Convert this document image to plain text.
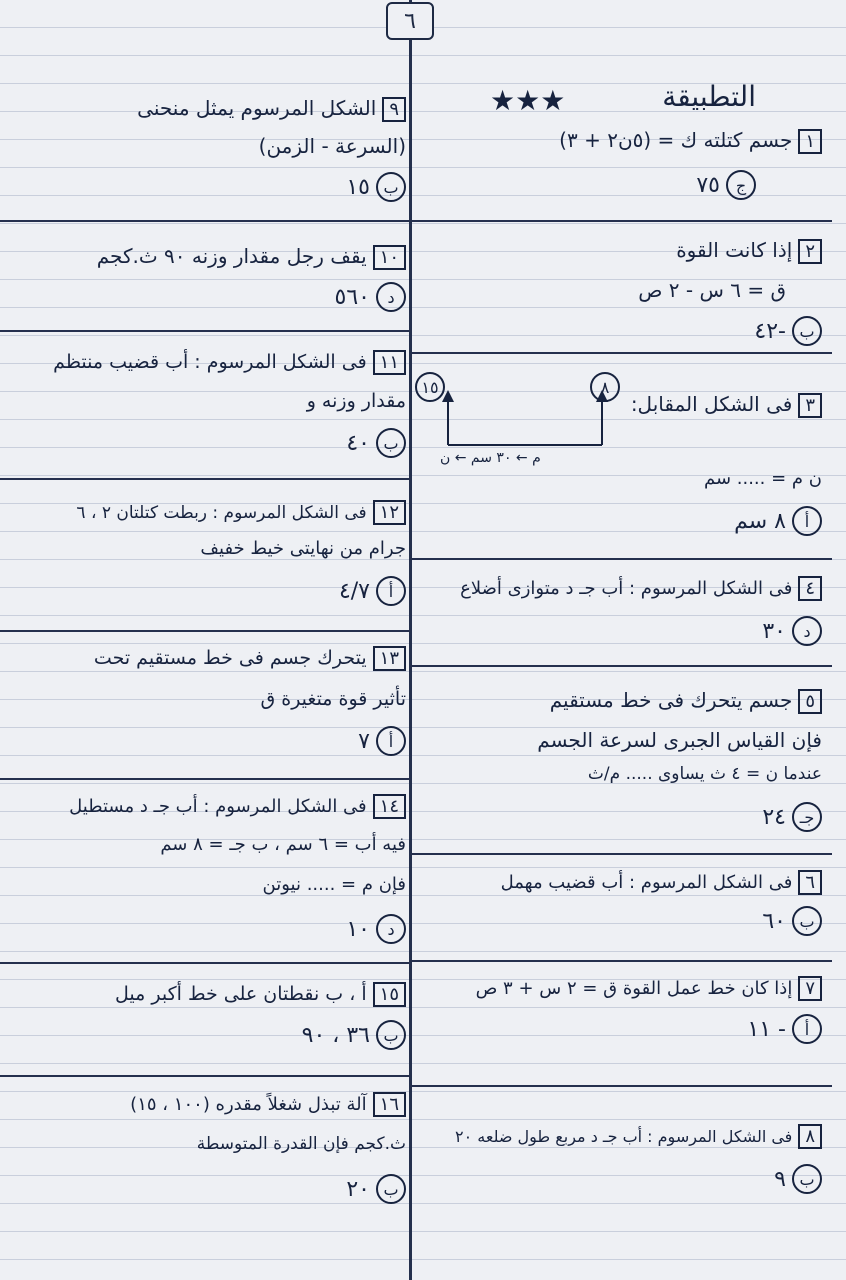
٦
★★★	التطبيقة
١جسم كتلته ك = (٥ن٢ + ٣)
ج
٧٥
٢إذا كانت القوة
ق = ٦ س - ٢ ص
ب
-٤٢
٣فى الشكل المقابل:
١٥	٨
م ← ٣٠ سم ← ن
ن م = ..... سم
أ
٨ سم
٤فى الشكل المرسوم : أب جـ د متوازى أضلاع
د
٣٠
٥جسم يتحرك فى خط مستقيم
فإن القياس الجبرى لسرعة الجسم
عندما ن = ٤ ث يساوى ..... م/ث
جـ
٢٤
٦فى الشكل المرسوم : أب قضيب مهمل
ب
٦٠
٧إذا كان خط عمل القوة ق = ٢ س + ٣ ص
أ
- ١١
٨فى الشكل المرسوم : أب جـ د مربع طول ضلعه ٢٠
ب
٩
٩الشكل المرسوم يمثل منحنى
(السرعة - الزمن)
ب
١٥
١٠يقف رجل مقدار وزنه ٩٠ ث.كجم
د
٥٦٠
١١فى الشكل المرسوم : أب قضيب منتظم
مقدار وزنه و
ب
٤٠
١٢فى الشكل المرسوم : ربطت كتلتان ٢ ، ٦
جرام من نهايتى خيط خفيف
أ
٤/٧
١٣يتحرك جسم فى خط مستقيم تحت
تأثير قوة متغيرة ق
أ
٧
١٤فى الشكل المرسوم : أب جـ د مستطيل
فيه أب = ٦ سم ، ب جـ = ٨ سم
فإن م = ..... نيوتن
د
١٠
١٥أ ، ب نقطتان على خط أكبر ميل
ب
٣٦ ، ٩٠
١٦آلة تبذل شغلاً مقدره (١٠٠ ، ١٥)
ث.كجم فإن القدرة المتوسطة
ب
٢٠
